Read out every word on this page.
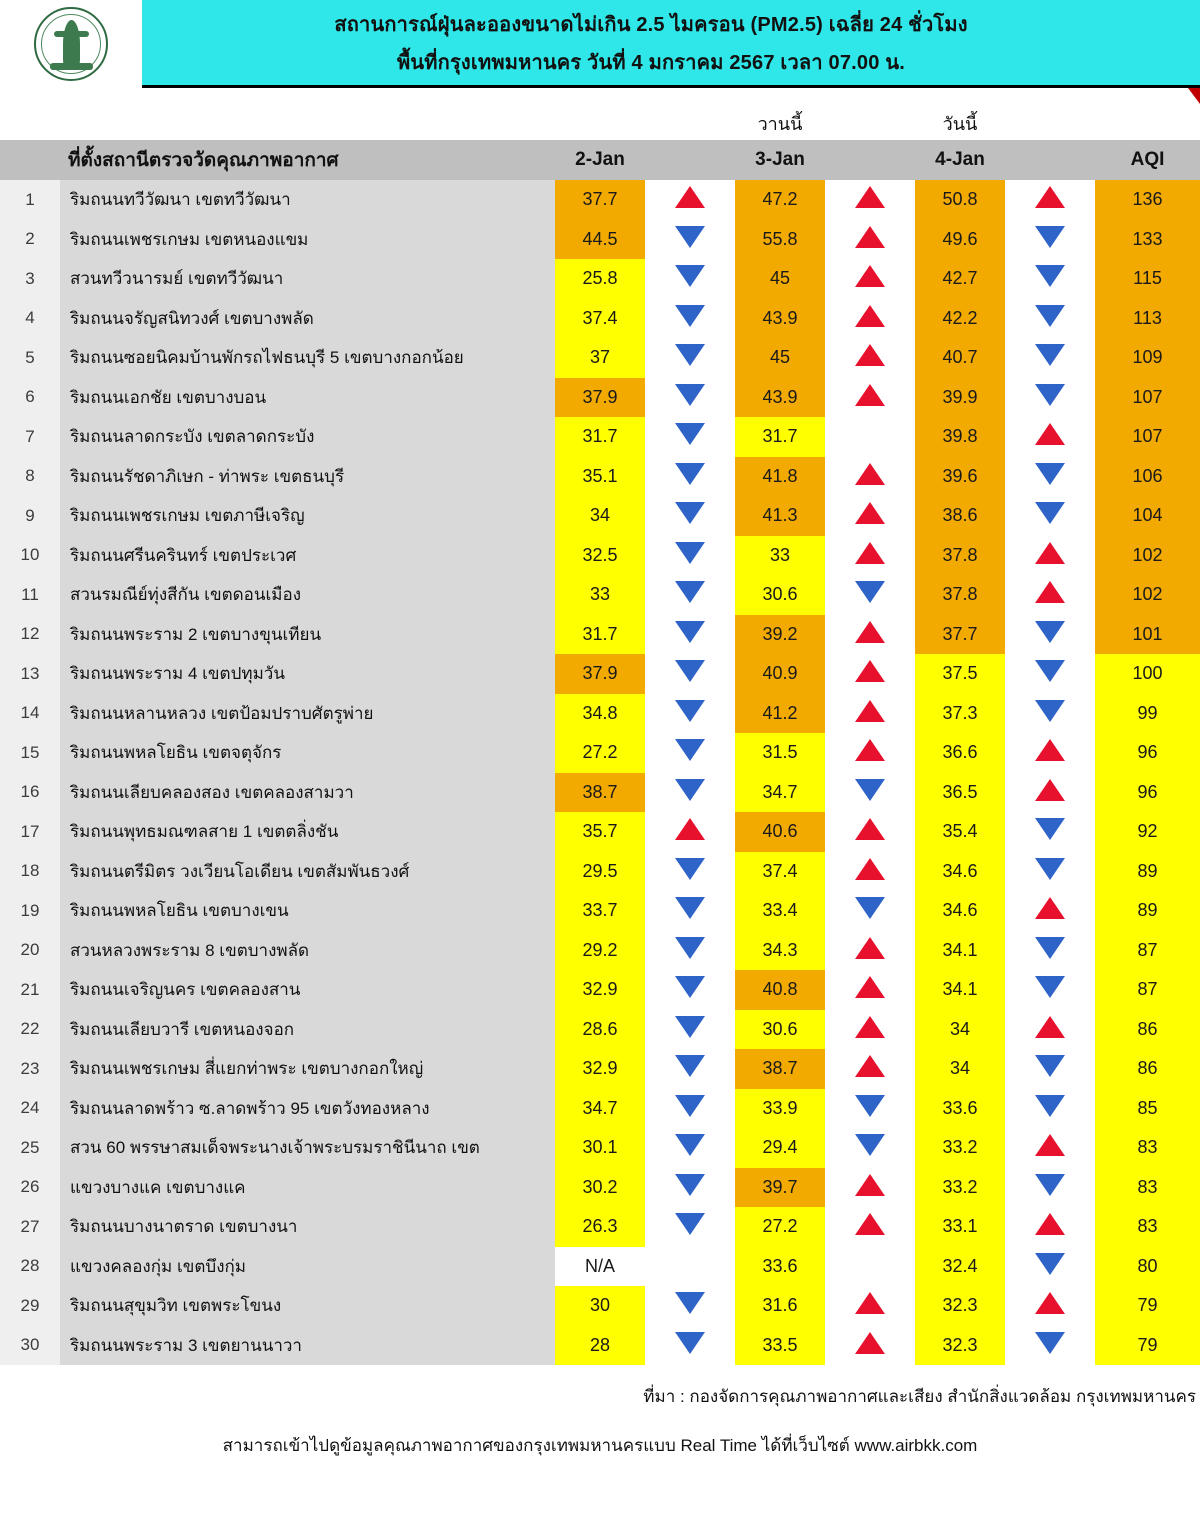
สถานการณ์ฝุ่นละอองขนาดไม่เกิน 2.5 ไมครอน (PM2.5) เฉลี่ย 24 ชั่วโมง
พื้นที่กรุงเทพมหานคร วันที่ 4 มกราคม 2567 เวลา 07.00 น.
วานนี้	วันนี้
	ที่ตั้งสถานีตรวจวัดคุณภาพอากาศ	2-Jan		3-Jan		4-Jan		AQI
1	ริมถนนทวีวัฒนา เขตทวีวัฒนา	37.7		47.2		50.8		136
2	ริมถนนเพชรเกษม เขตหนองแขม	44.5		55.8		49.6		133
3	สวนทวีวนารมย์ เขตทวีวัฒนา	25.8		45		42.7		115
4	ริมถนนจรัญสนิทวงศ์ เขตบางพลัด	37.4		43.9		42.2		113
5	ริมถนนซอยนิคมบ้านพักรถไฟธนบุรี 5 เขตบางกอกน้อย	37		45		40.7		109
6	ริมถนนเอกชัย เขตบางบอน	37.9		43.9		39.9		107
7	ริมถนนลาดกระบัง เขตลาดกระบัง	31.7		31.7		39.8		107
8	ริมถนนรัชดาภิเษก - ท่าพระ เขตธนบุรี	35.1		41.8		39.6		106
9	ริมถนนเพชรเกษม เขตภาษีเจริญ	34		41.3		38.6		104
10	ริมถนนศรีนครินทร์ เขตประเวศ	32.5		33		37.8		102
11	สวนรมณีย์ทุ่งสีกัน เขตดอนเมือง	33		30.6		37.8		102
12	ริมถนนพระราม 2 เขตบางขุนเทียน	31.7		39.2		37.7		101
13	ริมถนนพระราม 4 เขตปทุมวัน	37.9		40.9		37.5		100
14	ริมถนนหลานหลวง เขตป้อมปราบศัตรูพ่าย	34.8		41.2		37.3		99
15	ริมถนนพหลโยธิน เขตจตุจักร	27.2		31.5		36.6		96
16	ริมถนนเลียบคลองสอง เขตคลองสามวา	38.7		34.7		36.5		96
17	ริมถนนพุทธมณฑลสาย 1 เขตตลิ่งชัน	35.7		40.6		35.4		92
18	ริมถนนตรีมิตร วงเวียนโอเดียน เขตสัมพันธวงศ์	29.5		37.4		34.6		89
19	ริมถนนพหลโยธิน เขตบางเขน	33.7		33.4		34.6		89
20	สวนหลวงพระราม 8 เขตบางพลัด	29.2		34.3		34.1		87
21	ริมถนนเจริญนคร เขตคลองสาน	32.9		40.8		34.1		87
22	ริมถนนเลียบวารี เขตหนองจอก	28.6		30.6		34		86
23	ริมถนนเพชรเกษม สี่แยกท่าพระ เขตบางกอกใหญ่	32.9		38.7		34		86
24	ริมถนนลาดพร้าว ซ.ลาดพร้าว 95 เขตวังทองหลาง	34.7		33.9		33.6		85
25	สวน 60 พรรษาสมเด็จพระนางเจ้าพระบรมราชินีนาถ เขต	30.1		29.4		33.2		83
26	แขวงบางแค เขตบางแค	30.2		39.7		33.2		83
27	ริมถนนบางนาตราด เขตบางนา	26.3		27.2		33.1		83
28	แขวงคลองกุ่ม เขตบึงกุ่ม	N/A		33.6		32.4		80
29	ริมถนนสุขุมวิท เขตพระโขนง	30		31.6		32.3		79
30	ริมถนนพระราม 3 เขตยานนาวา	28		33.5		32.3		79
ที่มา : กองจัดการคุณภาพอากาศและเสียง สำนักสิ่งแวดล้อม กรุงเทพมหานคร
สามารถเข้าไปดูข้อมูลคุณภาพอากาศของกรุงเทพมหานครแบบ Real Time ได้ที่เว็บไซต์ www.airbkk.com
